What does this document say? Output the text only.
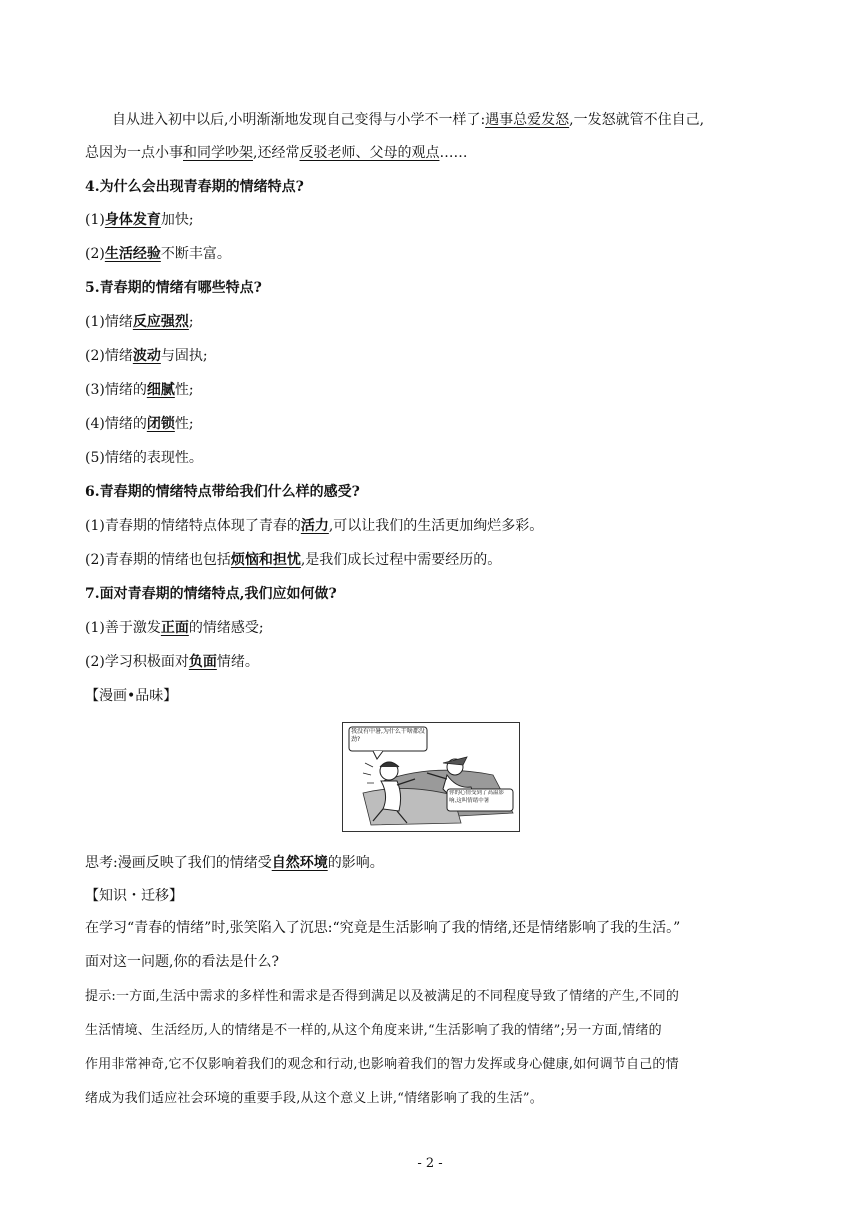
自从进入初中以后,小明渐渐地发现自己变得与小学不一样了:遇事总爱发怒,一发怒就管不住自己,
总因为一点小事和同学吵架,还经常反驳老师、父母的观点……
4.为什么会出现青春期的情绪特点?
(1)身体发育加快;
(2)生活经验不断丰富。
5.青春期的情绪有哪些特点?
(1)情绪反应强烈;
(2)情绪波动与固执;
(3)情绪的细腻性;
(4)情绪的闭锁性;
(5)情绪的表现性。
6.青春期的情绪特点带给我们什么样的感受?
(1)青春期的情绪特点体现了青春的活力,可以让我们的生活更加绚烂多彩。
(2)青春期的情绪也包括烦恼和担忧,是我们成长过程中需要经历的。
7.面对青春期的情绪特点,我们应如何做?
(1)善于激发正面的情绪感受;
(2)学习积极面对负面情绪。
【漫画•品味】
我没有中暑,为什么干啥都没劲?
你的心情受到了高温影响,这叫情绪中暑
思考:漫画反映了我们的情绪受自然环境的影响。
【知识・迁移】
在学习“青春的情绪”时,张笑陷入了沉思:“究竟是生活影响了我的情绪,还是情绪影响了我的生活。”
面对这一问题,你的看法是什么?
提示:一方面,生活中需求的多样性和需求是否得到满足以及被满足的不同程度导致了情绪的产生,不同的
生活情境、生活经历,人的情绪是不一样的,从这个角度来讲,“生活影响了我的情绪”;另一方面,情绪的
作用非常神奇,它不仅影响着我们的观念和行动,也影响着我们的智力发挥或身心健康,如何调节自己的情
绪成为我们适应社会环境的重要手段,从这个意义上讲,“情绪影响了我的生活”。
- 2 -
